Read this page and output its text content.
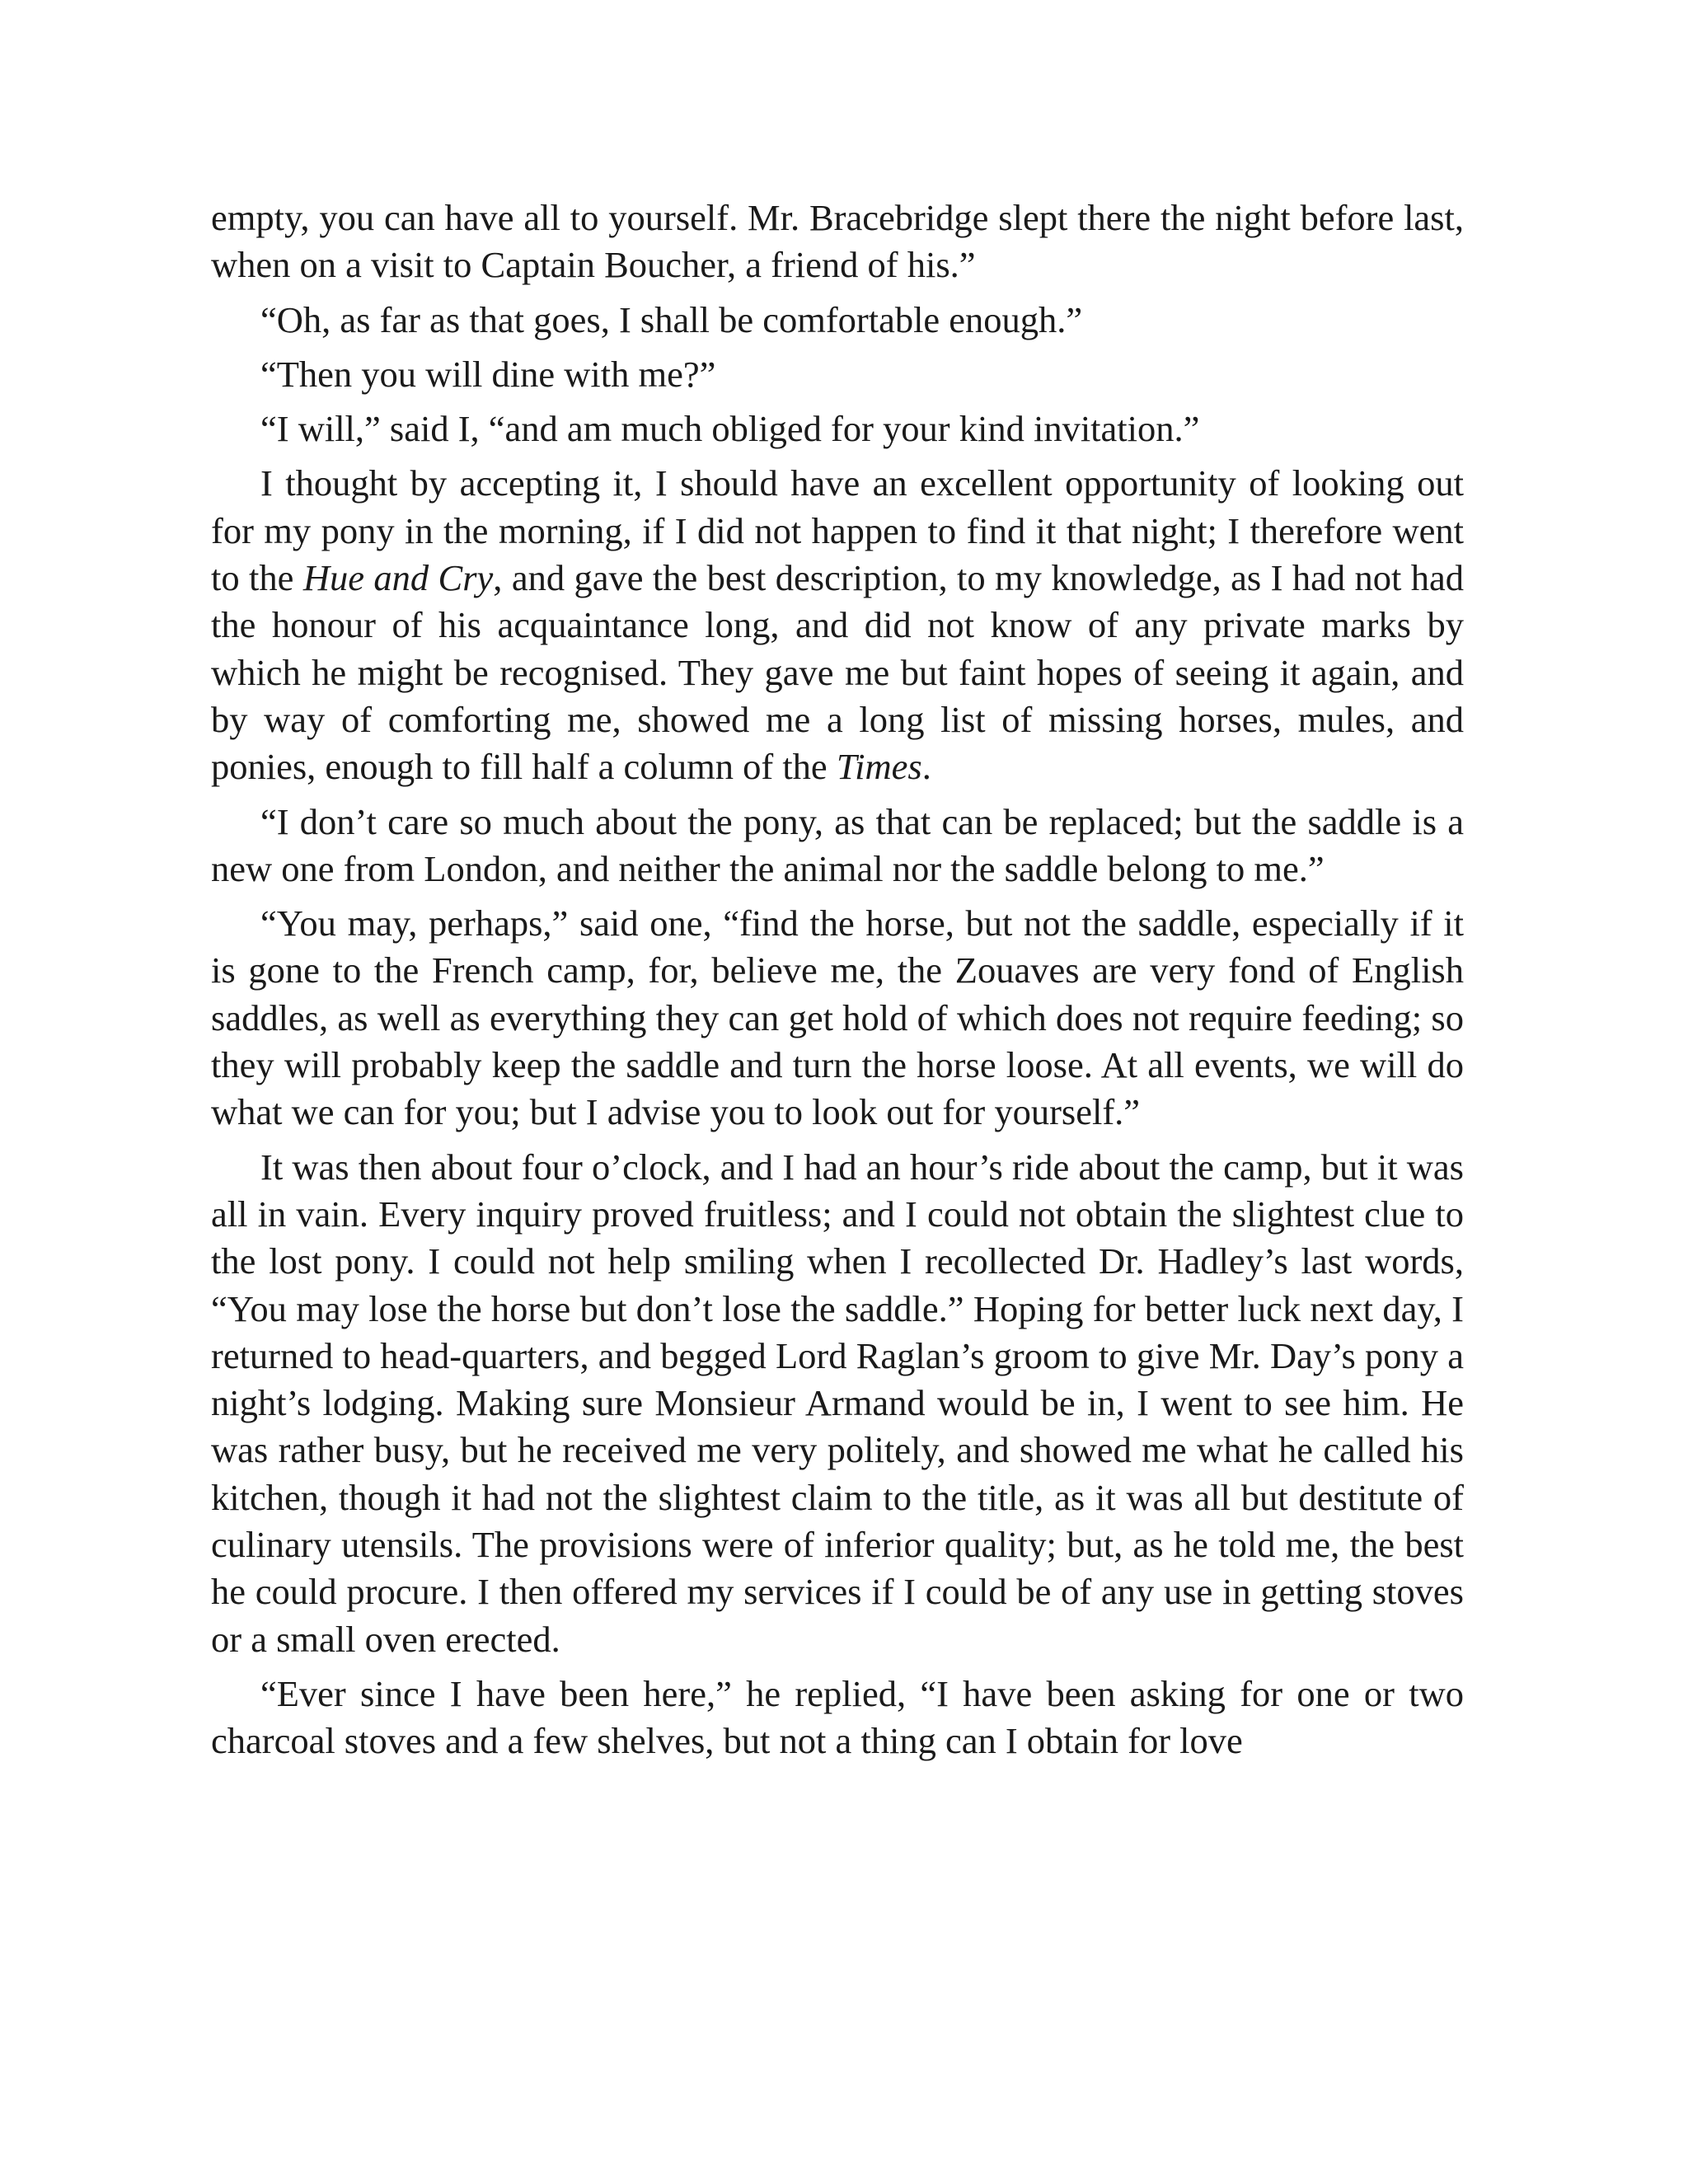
empty, you can have all to yourself. Mr. Bracebridge slept there the night before last, when on a visit to Captain Boucher, a friend of his.”

“Oh, as far as that goes, I shall be comfortable enough.”

“Then you will dine with me?”

“I will,” said I, “and am much obliged for your kind invitation.”

I thought by accepting it, I should have an excellent opportunity of looking out for my pony in the morning, if I did not happen to find it that night; I therefore went to the Hue and Cry, and gave the best description, to my knowledge, as I had not had the honour of his acquaintance long, and did not know of any private marks by which he might be recognised. They gave me but faint hopes of seeing it again, and by way of comforting me, showed me a long list of missing horses, mules, and ponies, enough to fill half a column of the Times.

“I don’t care so much about the pony, as that can be replaced; but the saddle is a new one from London, and neither the animal nor the saddle belong to me.”

“You may, perhaps,” said one, “find the horse, but not the saddle, especially if it is gone to the French camp, for, believe me, the Zouaves are very fond of English saddles, as well as everything they can get hold of which does not require feeding; so they will probably keep the saddle and turn the horse loose. At all events, we will do what we can for you; but I advise you to look out for yourself.”

It was then about four o’clock, and I had an hour’s ride about the camp, but it was all in vain. Every inquiry proved fruitless; and I could not obtain the slightest clue to the lost pony. I could not help smiling when I recollected Dr. Hadley’s last words, “You may lose the horse but don’t lose the saddle.” Hoping for better luck next day, I returned to head-quarters, and begged Lord Raglan’s groom to give Mr. Day’s pony a night’s lodging. Making sure Monsieur Armand would be in, I went to see him. He was rather busy, but he received me very politely, and showed me what he called his kitchen, though it had not the slightest claim to the title, as it was all but destitute of culinary utensils. The provisions were of inferior quality; but, as he told me, the best he could procure. I then offered my services if I could be of any use in getting stoves or a small oven erected.

“Ever since I have been here,” he replied, “I have been asking for one or two charcoal stoves and a few shelves, but not a thing can I obtain for love
